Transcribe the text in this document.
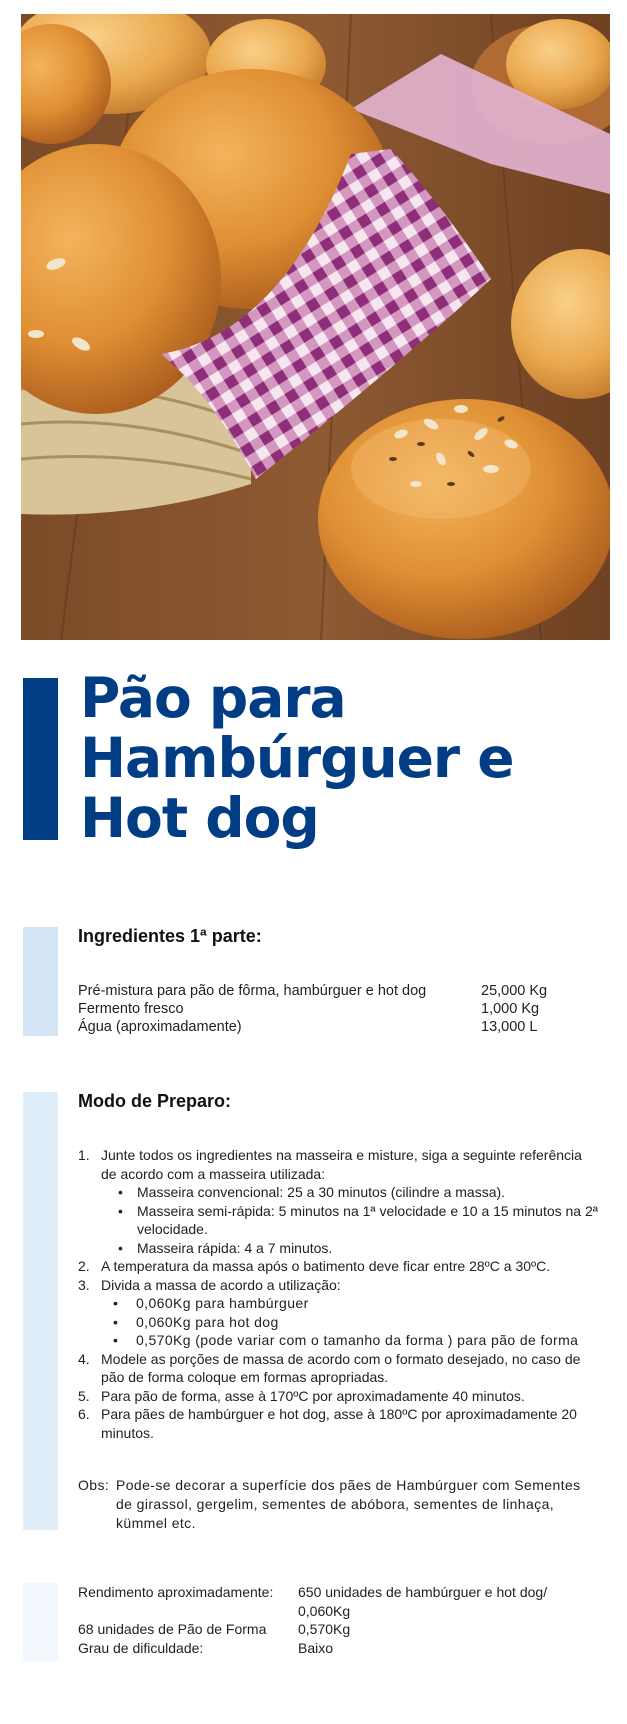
Pão para
Hambúrguer e
Hot dog
Ingredientes 1ª parte:
Pré-mistura para pão de fôrma, hambúrguer e hot dog	25,000 Kg
Fermento fresco	1,000 Kg
Água (aproximadamente)	13,000 L
Modo de Preparo:
1. Junte todos os ingredientes na masseira e misture, siga a seguinte referência de acordo com a masseira utilizada:
•	Masseira convencional: 25 a 30 minutos (cilindre a massa).
•	Masseira semi-rápida: 5 minutos na 1ª velocidade e 10 a 15 minutos na 2ª velocidade.
•	Masseira rápida: 4 a 7 minutos.
2. A temperatura da massa após o batimento deve ficar entre 28ºC a 30ºC.
3. Divida a massa de acordo a utilização:
•	0,060Kg para hambúrguer
•	0,060Kg para hot dog
•	0,570Kg (pode variar com o tamanho da forma ) para pão de forma
4. Modele as porções de massa de acordo com o formato desejado, no caso de pão de forma coloque em formas apropriadas.
5. Para pão de forma, asse à 170ºC por aproximadamente 40 minutos.
6. Para pães de hambúrguer e hot dog, asse à 180ºC por aproximadamente 20 minutos.
Obs: Pode-se decorar a superfície dos pães de Hambúrguer com Sementes de girassol, gergelim, sementes de abóbora, sementes de linhaça, kümmel etc.
Rendimento aproximadamente:	650 unidades de hambúrguer e hot dog/ 0,060Kg
68 unidades de Pão de Forma	0,570Kg
Grau de dificuldade:	Baixo
